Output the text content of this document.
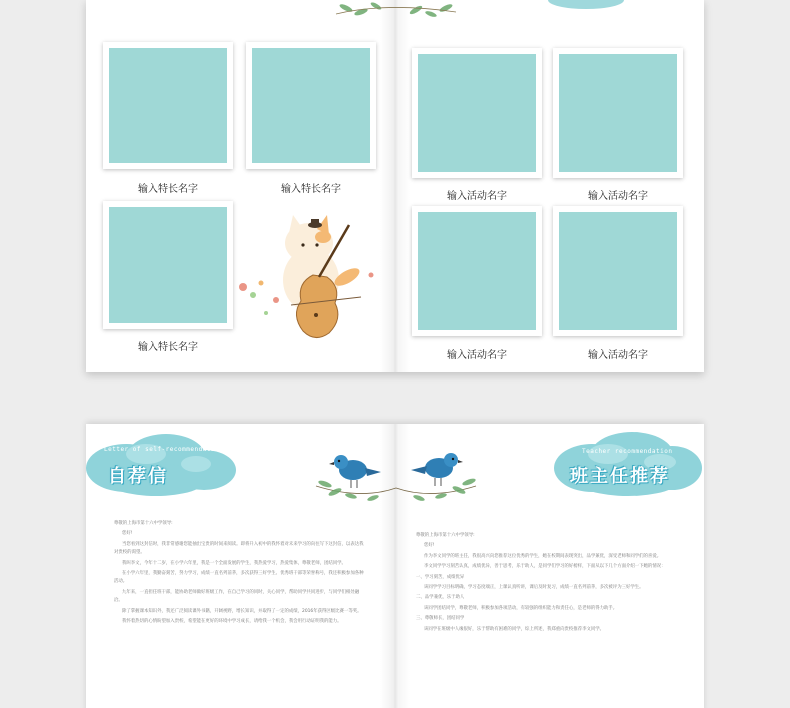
输入特长名字	输入特长名字
输入特长名字
输入活动名字	输入活动名字
输入活动名字	输入活动名字
Letter of self-recommendation
自荐信
Teacher recommendation
班主任推荐

尊敬的上海市第十六中学领导:

您好!

当您看到这封信时，我非常感谢您能抽出宝贵的时间来阅读。即将升入初中的我怀着对未来学习的向往写下这封信，以表达我对贵校的渴望。

我叫李文，今年十二岁，在小学六年里，我是一个全面发展的学生，我热爱学习，热爱集体，尊敬老师，团结同学。

在小学六年里，我勤奋刻苦，努力学习，成绩一直名列前茅，多次获得三好学生、优秀班干部等荣誉称号，我还积极参加各种活动。

九年来，一直担任班干部，能协助老师做好班级工作，在自己学习的同时，关心同学，帮助同学共同进步，与同学们相处融洽。

除了掌握课本知识外，我还广泛阅读课外书籍，开阔视野，增长知识，并取得了一定的成绩，2016年获得区级比赛一等奖。

我怀着热切的心情盼望加入贵校，希望能在更好的环境中学习成长，请给我一个机会，我会用行动证明我的能力。

尊敬的上海市第十六中学领导:

您好!

作为李文同学的班主任，我很高兴向您推荐这位优秀的学生，她在校期间表现突出，品学兼优，深受老师和同学们的喜爱。

李文同学学习刻苦认真，成绩优异，善于思考，乐于助人，是同学们学习的好榜样，下面从以下几个方面介绍一下她的情况：

一、学习刻苦，成绩优异

该同学学习目标明确，学习态度端正，上课认真听讲，课后及时复习，成绩一直名列前茅，多次被评为三好学生。

二、品学兼优，乐于助人

该同学团结同学，尊敬老师，积极参加各项活动，有较强的组织能力和责任心，是老师的得力助手。

三、尊敬师长，团结同学

该同学在班级中人缘很好，乐于帮助有困难的同学，综上所述，我郑重向贵校推荐李文同学。
